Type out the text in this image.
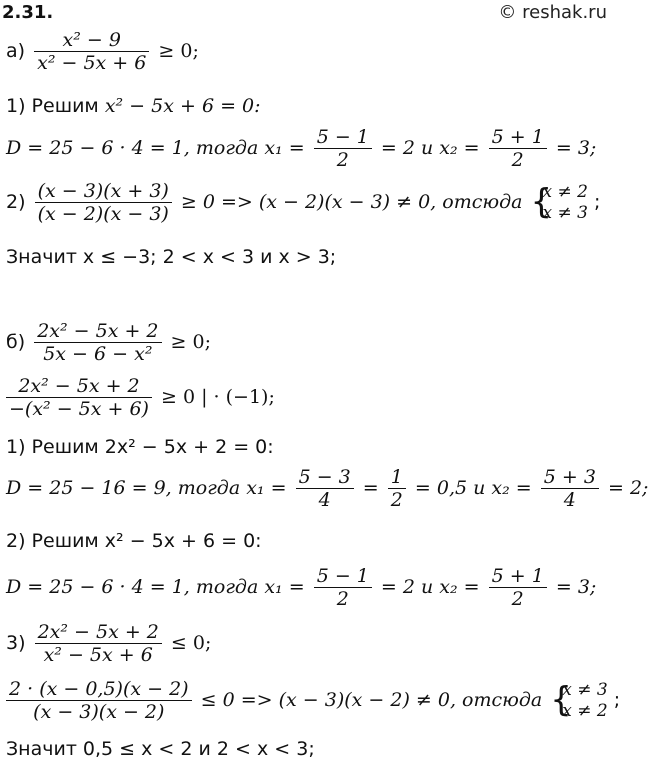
2.31.	© reshak.ru
$а) \frac{\text{x² − 9}}{\text{x² − 5x + 6}} \ge 0$;
1) Решим x² − 5x + 6 = 0:
D = 25 − 6 · 4 = 1, тогда $x_1 = \frac{5 - 1}{2} = 2$ и $x_2 = \frac{5 + 1}{2} = 3$;
$2) \frac{(x - 3)(x + 3)}{(x - 2)(x - 3)} \ge 0 => (x - 2)(x - 3) \ne 0$, отсюда { x ≠ 2
x ≠ 3 ;
Значит x ≤ −3; 2 < x < 3 и x > 3;
$б) \frac{\text{2x² − 5x + 2}}{\text{5x − 6 − x²}} \ge 0$;
$\frac{\text{2x² − 5x + 2}}{\text{−(x² − 5x + 6)}} \ge 0$ | · (−1);
1) Решим 2x² − 5x + 2 = 0:
D = 25 − 16 = 9, тогда $x_1 = \frac{5 - 3}{4} = \frac{1}{2} = 0,5$ и $x_2 = \frac{5 + 3}{4} = 2$;
2) Решим x² − 5x + 6 = 0:
D = 25 − 6 · 4 = 1, тогда $x_1 = \frac{5 - 1}{2} = 2$ и $x_2 = \frac{5 + 1}{2} = 3$;
$3) \frac{\text{2x² − 5x + 2}}{\text{x² − 5x + 6}} \le 0$;
$\frac{2 \cdot (x - 0,5)(x - 2)}{(x - 3)(x - 2)} \le 0 => (x - 3)(x - 2) \ne 0$, отсюда { x ≠ 3
x ≠ 2 ;
Значит 0,5 ≤ x < 2 и 2 < x < 3;
